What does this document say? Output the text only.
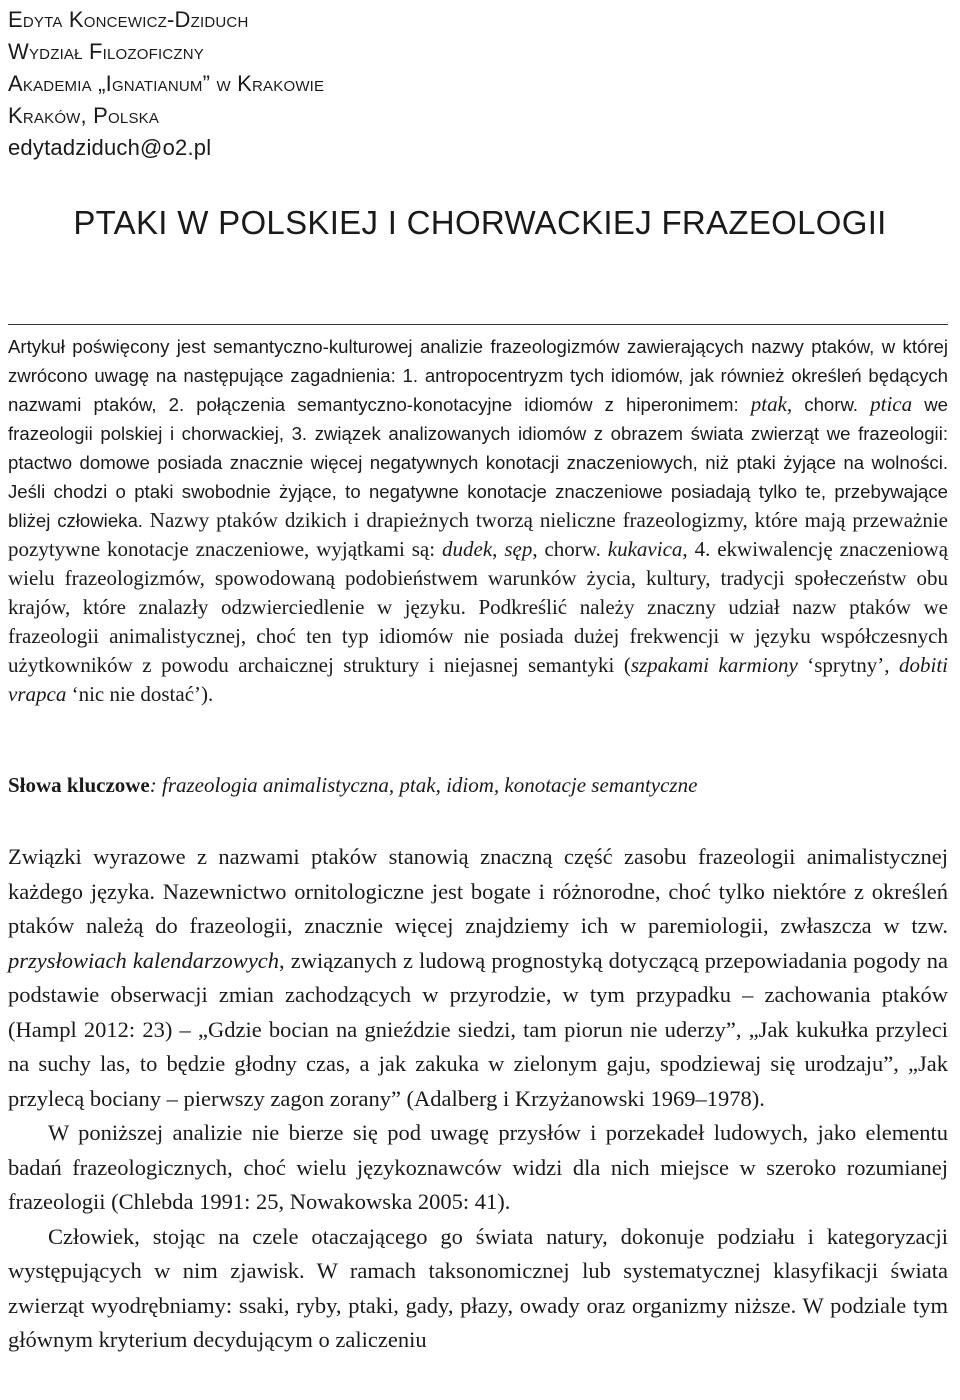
Edyta Koncewicz-Dziduch
Wydział Filozoficzny
Akademia „Ignatianum” w Krakowie
Kraków, Polska
edytadziduch@o2.pl
PTAKI W POLSKIEJ I CHORWACKIEJ FRAZEOLOGII

Artykuł poświęcony jest semantyczno-kulturowej analizie frazeologizmów zawierających nazwy ptaków, w której zwrócono uwagę na następujące zagadnienia: 1. antropocentryzm tych idiomów, jak również określeń będących nazwami ptaków, 2. połączenia semantyczno-konotacyjne idiomów z hiperonimem: ptak, chorw. ptica we frazeologii polskiej i chorwackiej, 3. związek analizowanych idiomów z obrazem świata zwierząt we frazeologii: ptactwo domowe posiada znacznie więcej negatywnych konotacji znaczeniowych, niż ptaki żyjące na wolności. Jeśli chodzi o ptaki swobodnie żyjące, to negatywne konotacje znaczeniowe posiadają tylko te, przebywające bliżej człowieka. Nazwy ptaków dzikich i drapieżnych tworzą nieliczne frazeologizmy, które mają przeważnie pozytywne konotacje znaczeniowe, wyjątkami są: dudek, sęp, chorw. kukavica, 4. ekwiwalencję znaczeniową wielu frazeologizmów, spowodowaną podobieństwem warunków życia, kultury, tradycji społeczeństw obu krajów, które znalazły odzwierciedlenie w języku. Podkreślić należy znaczny udział nazw ptaków we frazeologii animalistycznej, choć ten typ idiomów nie posiada dużej frekwencji w języku współczesnych użytkowników z powodu archaicznej struktury i niejasnej semantyki (szpakami karmiony ‘sprytny’, dobiti vrapca ‘nic nie dostać’).

Słowa kluczowe: frazeologia animalistyczna, ptak, idiom, konotacje semantyczne

Związki wyrazowe z nazwami ptaków stanowią znaczną część zasobu frazeologii animalistycznej każdego języka. Nazewnictwo ornitologiczne jest bogate i różnorodne, choć tylko niektóre z określeń ptaków należą do frazeologii, znacznie więcej znajdziemy ich w paremiologii, zwłaszcza w tzw. przysłowiach kalendarzowych, związanych z ludową prognostyką dotyczącą przepowiadania pogody na podstawie obserwacji zmian zachodzących w przyrodzie, w tym przypadku – zachowania ptaków (Hampl 2012: 23) – „Gdzie bocian na gnieździe siedzi, tam piorun nie uderzy”, „Jak kukułka przyleci na suchy las, to będzie głodny czas, a jak zakuka w zielonym gaju, spodziewaj się urodzaju”, „Jak przylecą bociany – pierwszy zagon zorany” (Adalberg i Krzyżanowski 1969–1978).

W poniższej analizie nie bierze się pod uwagę przysłów i porzekadeł ludowych, jako elementu badań frazeologicznych, choć wielu językoznawców widzi dla nich miejsce w szeroko rozumianej frazeologii (Chlebda 1991: 25, Nowakowska 2005: 41).

Człowiek, stojąc na czele otaczającego go świata natury, dokonuje podziału i kategoryzacji występujących w nim zjawisk. W ramach taksonomicznej lub systematycznej klasyfikacji świata zwierząt wyodrębniamy: ssaki, ryby, ptaki, gady, płazy, owady oraz organizmy niższe. W podziale tym głównym kryterium decydującym o zaliczeniu
